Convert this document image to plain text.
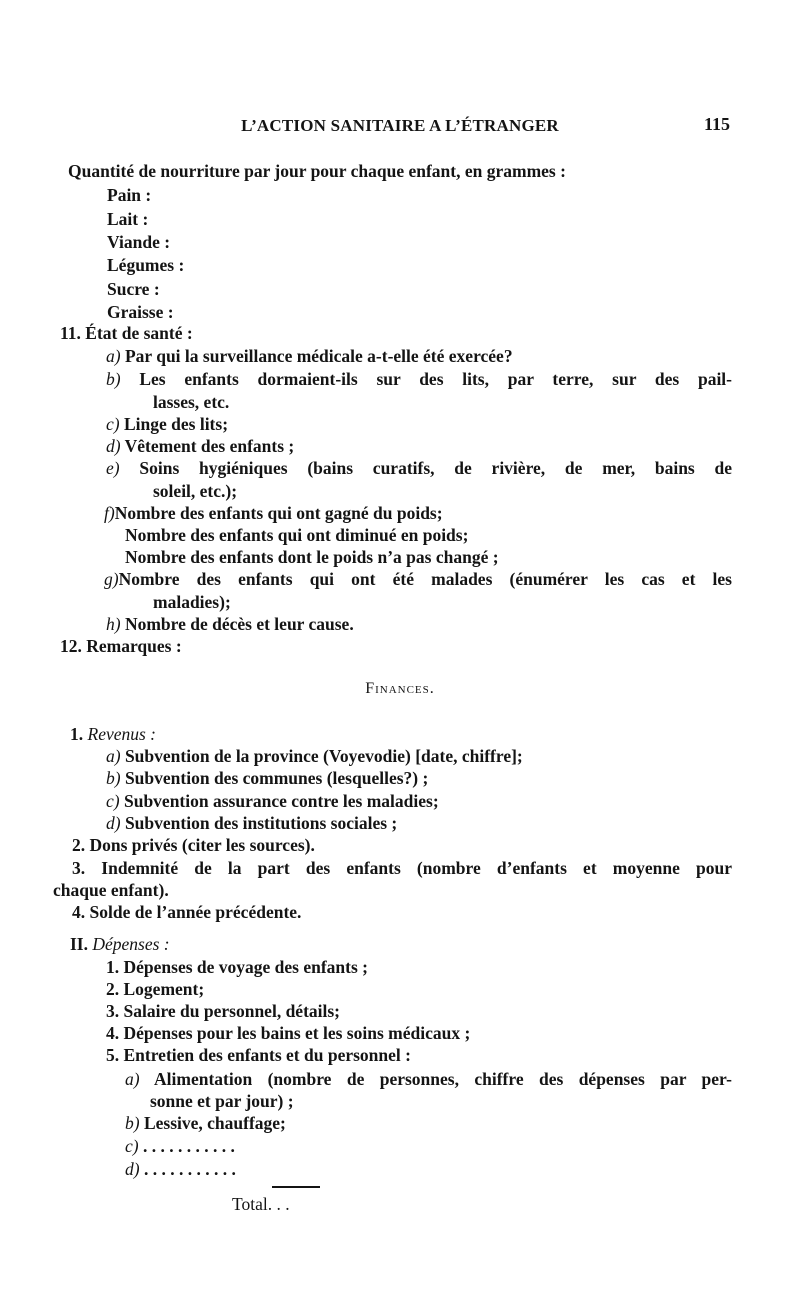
L’ACTION SANITAIRE A L’ÉTRANGER	115
Quantité de nourriture par jour pour chaque enfant, en grammes :
Pain :
Lait :
Viande :
Légumes :
Sucre :
Graisse :
11. État de santé :
a) Par qui la surveillance médicale a-t-elle été exercée?
b) Les enfants dormaient-ils sur des lits, par terre, sur des pail-
lasses, etc.
c) Linge des lits;
d) Vêtement des enfants ;
e) Soins hygiéniques (bains curatifs, de rivière, de mer, bains de
soleil, etc.);
f)Nombre des enfants qui ont gagné du poids;
Nombre des enfants qui ont diminué en poids;
Nombre des enfants dont le poids n’a pas changé ;
g)Nombre des enfants qui ont été malades (énumérer les cas et les
maladies);
h) Nombre de décès et leur cause.
12. Remarques :
Finances.
1. Revenus :
a) Subvention de la province (Voyevodie) [date, chiffre];
b) Subvention des communes (lesquelles?) ;
c) Subvention assurance contre les maladies;
d) Subvention des institutions sociales ;
2. Dons privés (citer les sources).
3. Indemnité de la part des enfants (nombre d’enfants et moyenne pour
chaque enfant).
4. Solde de l’année précédente.
II. Dépenses :
1. Dépenses de voyage des enfants ;
2. Logement;
3. Salaire du personnel, détails;
4. Dépenses pour les bains et les soins médicaux ;
5. Entretien des enfants et du personnel :
a) Alimentation (nombre de personnes, chiffre des dépenses par per-
sonne et par jour) ;
b) Lessive, chauffage;
c) . . . . . . . . . . .
d) . . . . . . . . . . .
Total. . .
